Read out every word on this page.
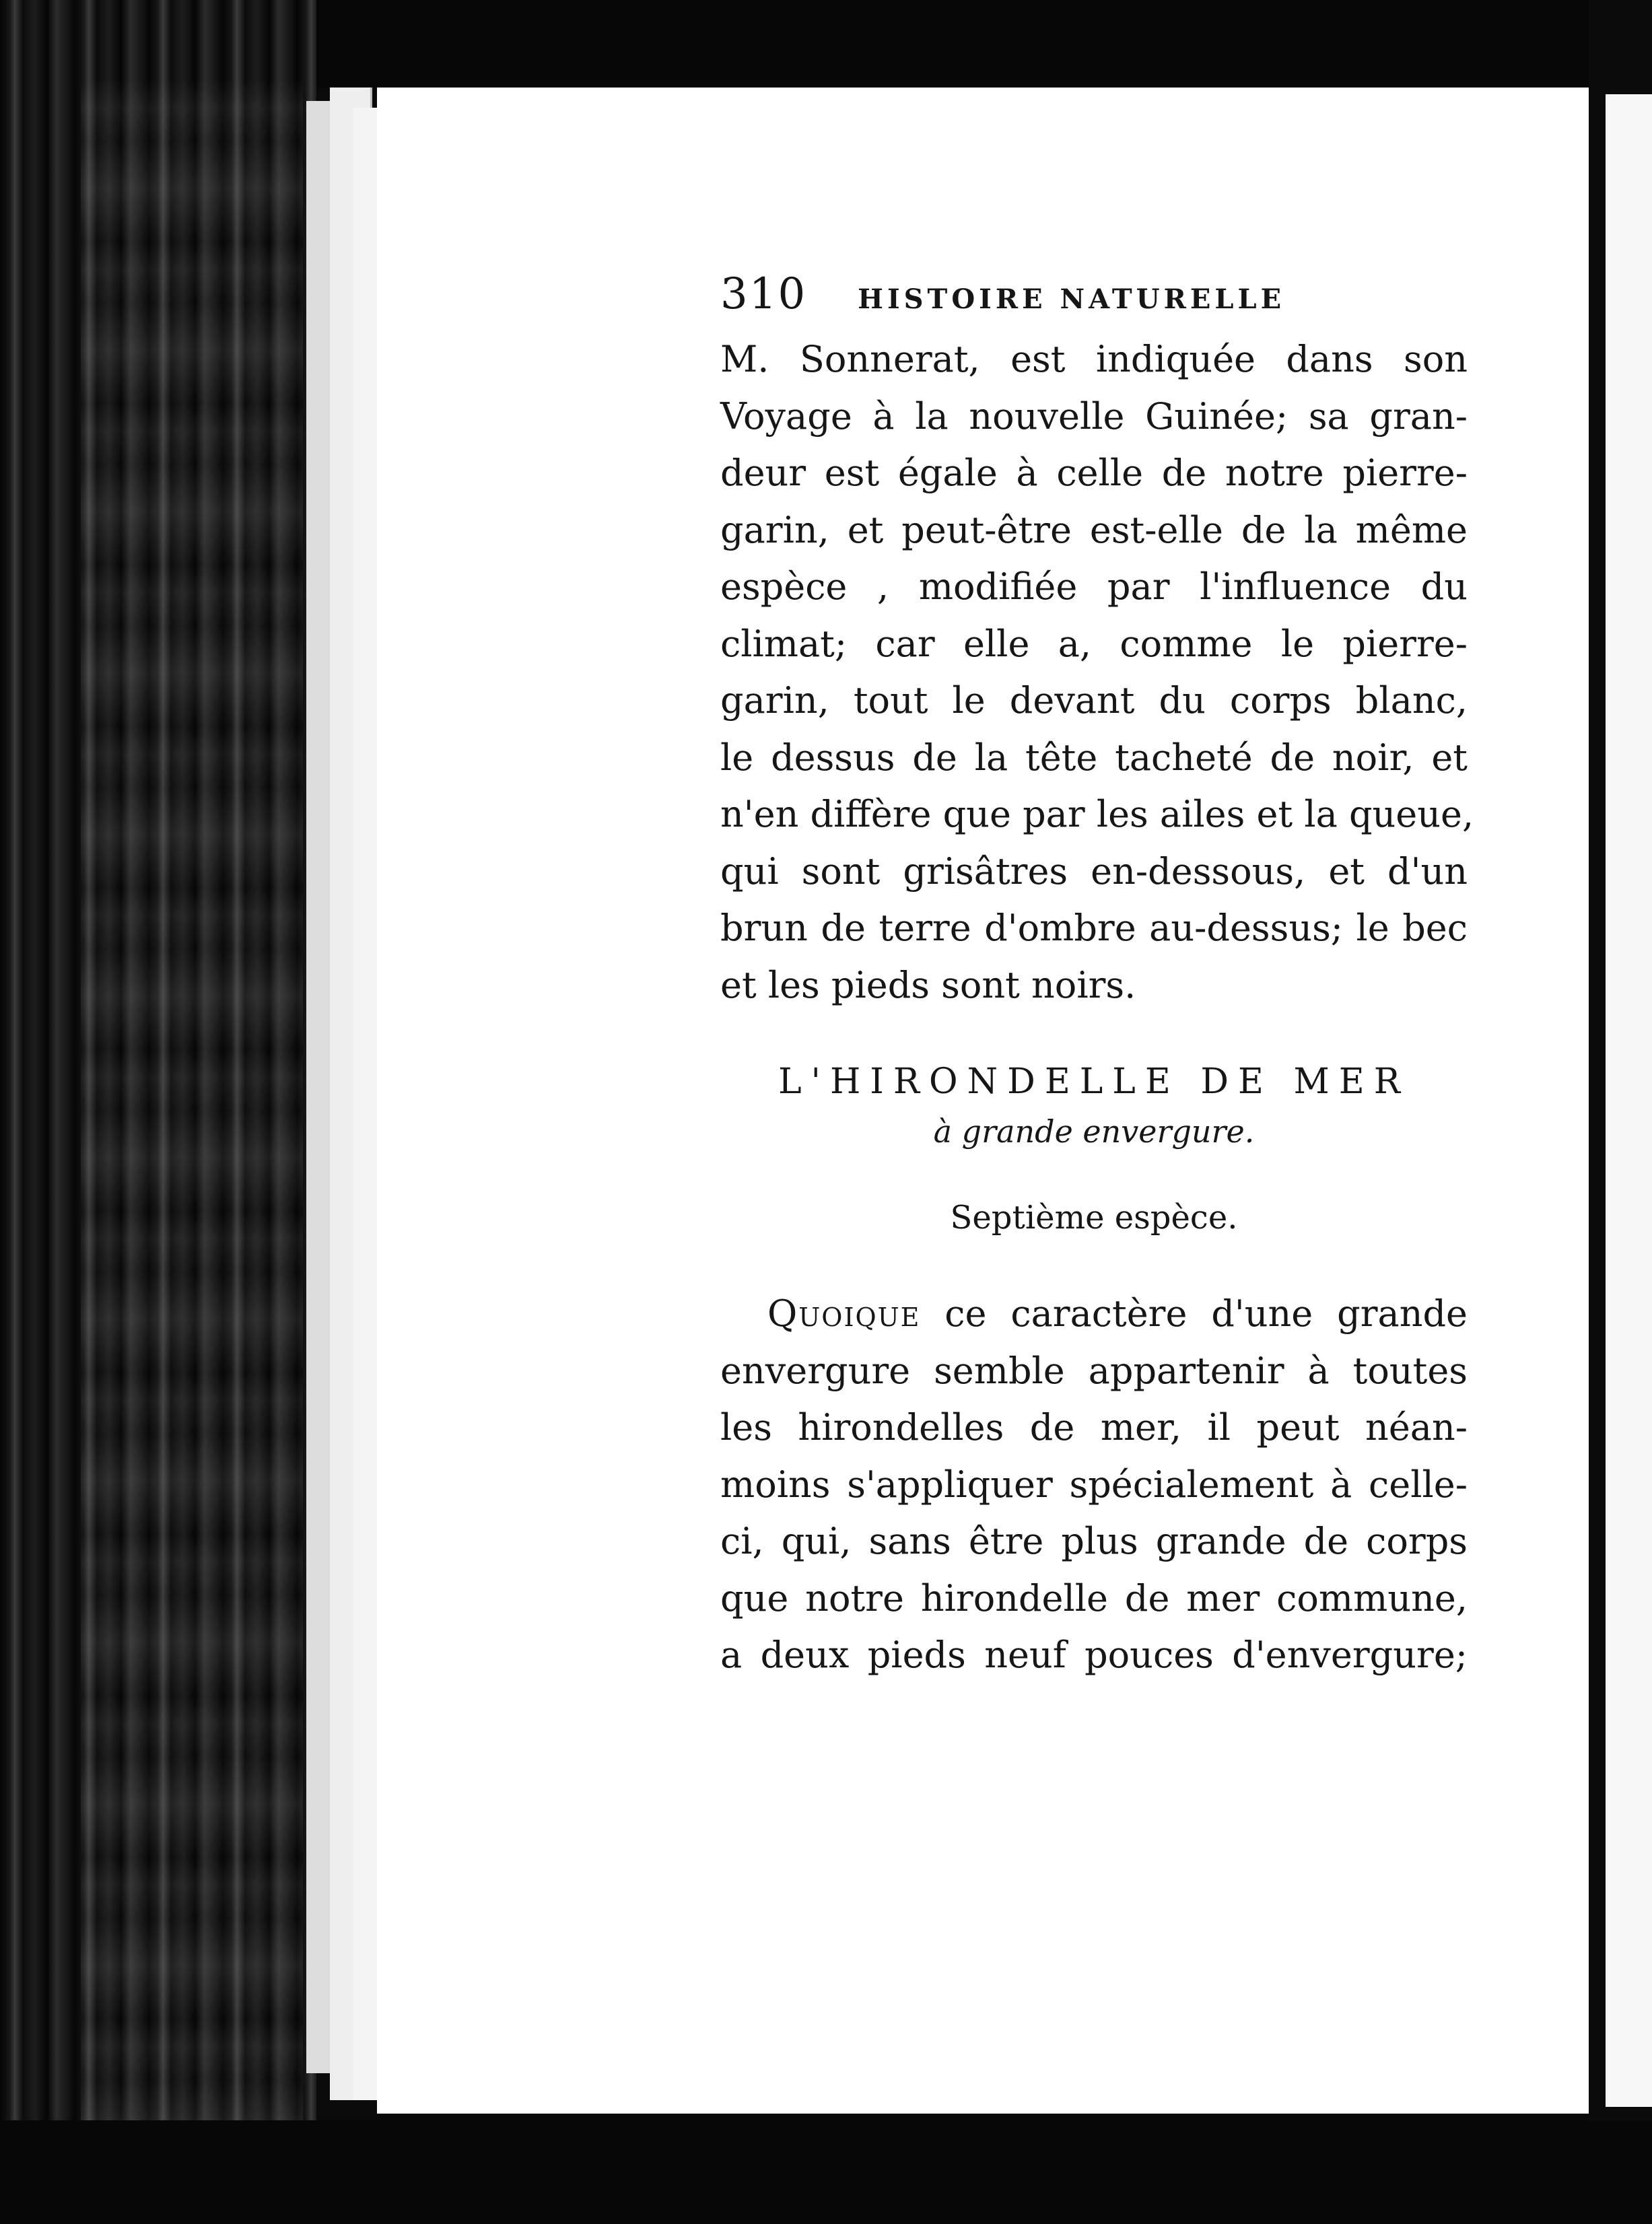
310 HISTOIRE NATURELLE
M. Sonnerat, est indiquée dans son
Voyage à la nouvelle Guinée; sa gran-
deur est égale à celle de notre pierre-
garin, et peut-être est-elle de la même
espèce , modifiée par l'influence du
climat; car elle a, comme le pierre-
garin, tout le devant du corps blanc,
le dessus de la tête tacheté de noir, et
n'en diffère que par les ailes et la queue,
qui sont grisâtres en-dessous, et d'un
brun de terre d'ombre au-dessus; le bec
et les pieds sont noirs.
L'HIRONDELLE DE MER
à grande envergure.
Septième espèce.
Quoique ce caractère d'une grande
envergure semble appartenir à toutes
les hirondelles de mer, il peut néan-
moins s'appliquer spécialement à celle-
ci, qui, sans être plus grande de corps
que notre hirondelle de mer commune,
a deux pieds neuf pouces d'envergure;
